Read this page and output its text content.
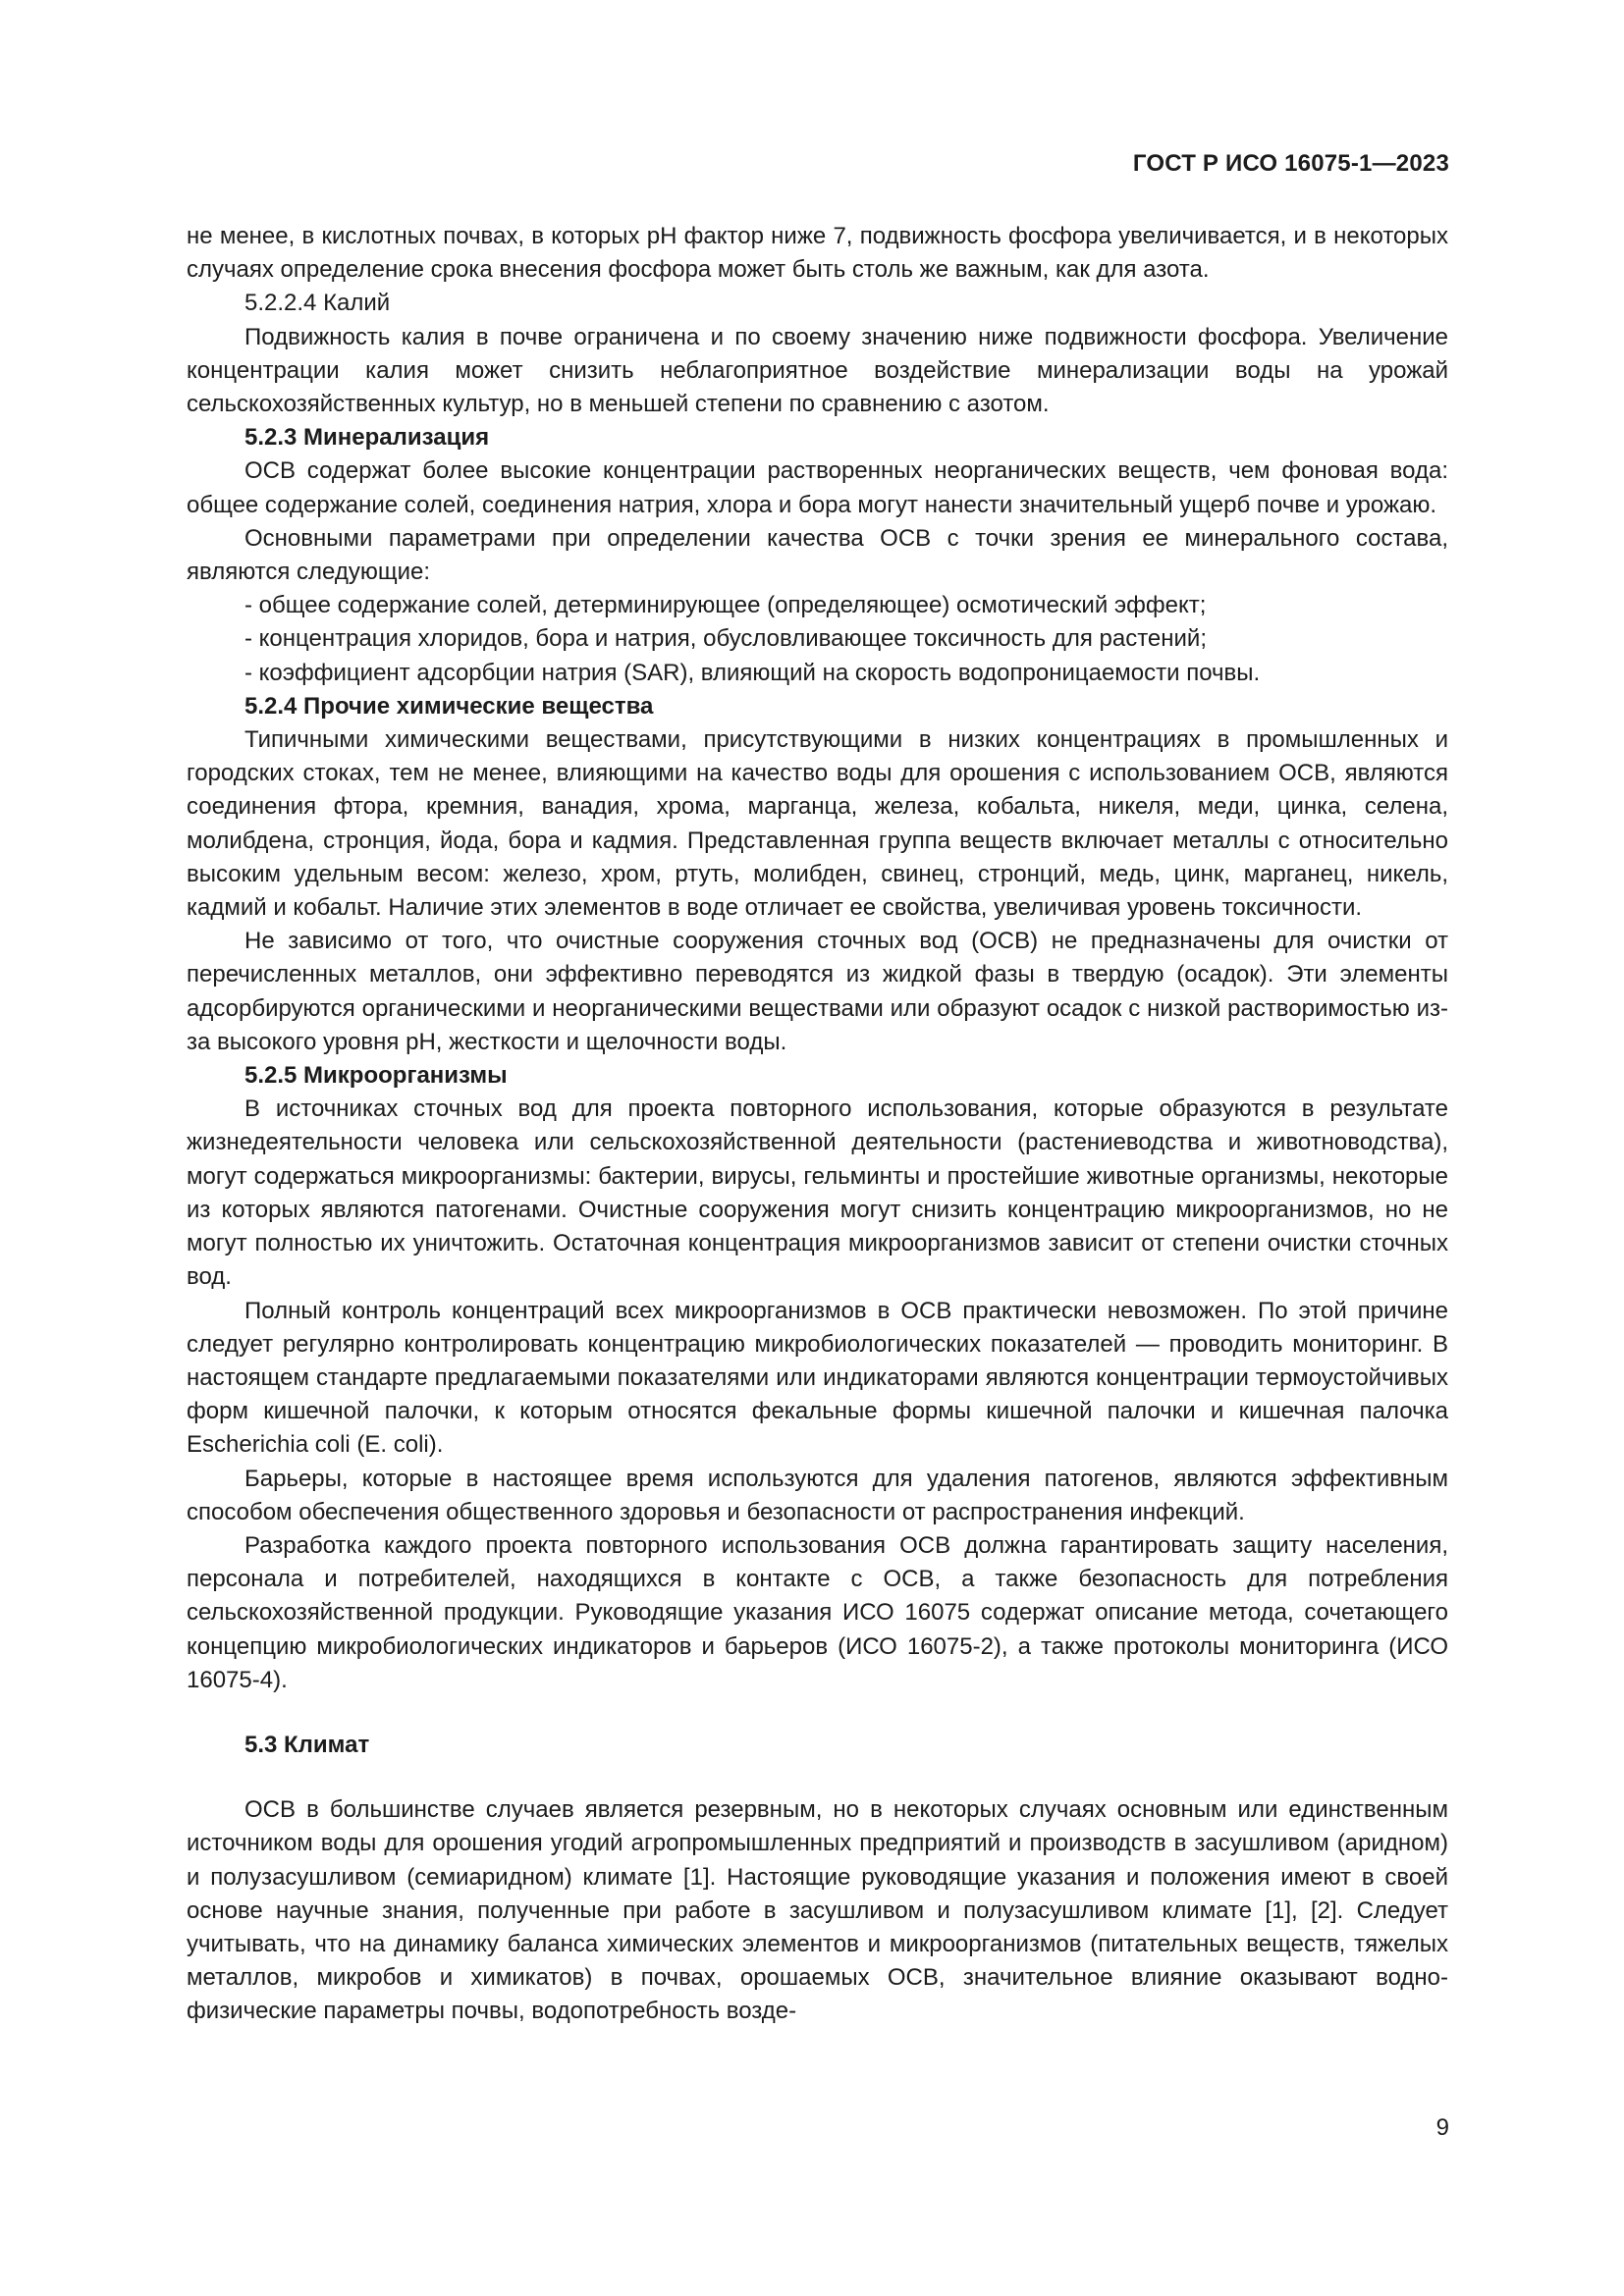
ГОСТ Р ИСО 16075-1—2023

не менее, в кислотных почвах, в которых pH фактор ниже 7, подвижность фосфора увеличивается, и в некоторых случаях определение срока внесения фосфора может быть столь же важным, как для азота.

5.2.2.4 Калий

Подвижность калия в почве ограничена и по своему значению ниже подвижности фосфора. Увеличение концентрации калия может снизить неблагоприятное воздействие минерализации воды на урожай сельскохозяйственных культур, но в меньшей степени по сравнению с азотом.

5.2.3 Минерализация

ОСВ содержат более высокие концентрации растворенных неорганических веществ, чем фоновая вода: общее содержание солей, соединения натрия, хлора и бора могут нанести значительный ущерб почве и урожаю.

Основными параметрами при определении качества ОСВ с точки зрения ее минерального состава, являются следующие:

- общее содержание солей, детерминирующее (определяющее) осмотический эффект;

- концентрация хлоридов, бора и натрия, обусловливающее токсичность для растений;

- коэффициент адсорбции натрия (SAR), влияющий на скорость водопроницаемости почвы.

5.2.4 Прочие химические вещества

Типичными химическими веществами, присутствующими в низких концентрациях в промышленных и городских стоках, тем не менее, влияющими на качество воды для орошения с использованием ОСВ, являются соединения фтора, кремния, ванадия, хрома, марганца, железа, кобальта, никеля, меди, цинка, селена, молибдена, стронция, йода, бора и кадмия. Представленная группа веществ включает металлы с относительно высоким удельным весом: железо, хром, ртуть, молибден, свинец, стронций, медь, цинк, марганец, никель, кадмий и кобальт. Наличие этих элементов в воде отличает ее свойства, увеличивая уровень токсичности.

Не зависимо от того, что очистные сооружения сточных вод (ОСВ) не предназначены для очистки от перечисленных металлов, они эффективно переводятся из жидкой фазы в твердую (осадок). Эти элементы адсорбируются органическими и неорганическими веществами или образуют осадок с низкой растворимостью из-за высокого уровня pH, жесткости и щелочности воды.

5.2.5 Микроорганизмы

В источниках сточных вод для проекта повторного использования, которые образуются в результате жизнедеятельности человека или сельскохозяйственной деятельности (растениеводства и животноводства), могут содержаться микроорганизмы: бактерии, вирусы, гельминты и простейшие животные организмы, некоторые из которых являются патогенами. Очистные сооружения могут снизить концентрацию микроорганизмов, но не могут полностью их уничтожить. Остаточная концентрация микроорганизмов зависит от степени очистки сточных вод.

Полный контроль концентраций всех микроорганизмов в ОСВ практически невозможен. По этой причине следует регулярно контролировать концентрацию микробиологических показателей — проводить мониторинг. В настоящем стандарте предлагаемыми показателями или индикаторами являются концентрации термоустойчивых форм кишечной палочки, к которым относятся фекальные формы кишечной палочки и кишечная палочка Escherichia coli (E. coli).

Барьеры, которые в настоящее время используются для удаления патогенов, являются эффективным способом обеспечения общественного здоровья и безопасности от распространения инфекций.

Разработка каждого проекта повторного использования ОСВ должна гарантировать защиту населения, персонала и потребителей, находящихся в контакте с ОСВ, а также безопасность для потребления сельскохозяйственной продукции. Руководящие указания ИСО 16075 содержат описание метода, сочетающего концепцию микробиологических индикаторов и барьеров (ИСО 16075-2), а также протоколы мониторинга (ИСО 16075-4).

5.3 Климат

ОСВ в большинстве случаев является резервным, но в некоторых случаях основным или единственным источником воды для орошения угодий агропромышленных предприятий и производств в засушливом (аридном) и полузасушливом (семиаридном) климате [1]. Настоящие руководящие указания и положения имеют в своей основе научные знания, полученные при работе в засушливом и полузасушливом климате [1], [2]. Следует учитывать, что на динамику баланса химических элементов и микроорганизмов (питательных веществ, тяжелых металлов, микробов и химикатов) в почвах, орошаемых ОСВ, значительное влияние оказывают водно-физические параметры почвы, водопотребность возде-

9
